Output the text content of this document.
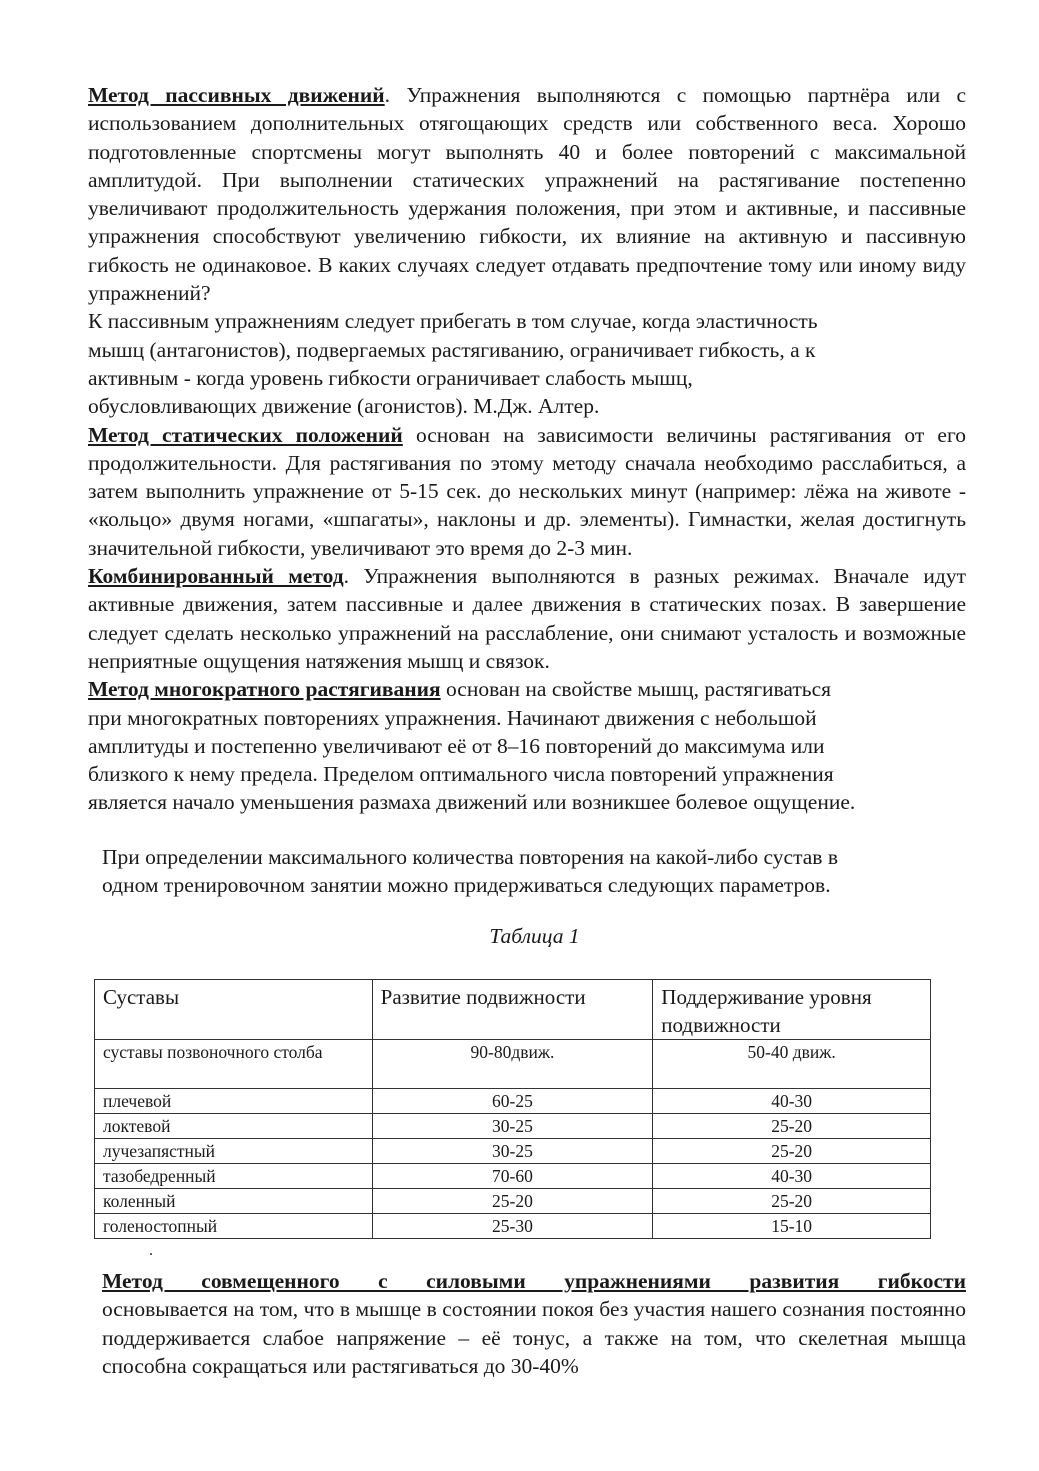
Метод пассивных движений. Упражнения выполняются с помощью партнёра или с использованием дополнительных отягощающих средств или собственного веса. Хорошо подготовленные спортсмены могут выполнять 40 и более повторений с максимальной амплитудой. При выполнении статических упражнений на растягивание постепенно увеличивают продолжительность удержания положения, при этом и активные, и пассивные упражнения способствуют увеличению гибкости, их влияние на активную и пассивную гибкость не одинаковое. В каких случаях следует отдавать предпочтение тому или иному виду упражнений?

К пассивным упражнениям следует прибегать в том случае, когда эластичность
мышц (антагонистов), подвергаемых растягиванию, ограничивает гибкость, а к
активным - когда уровень гибкости ограничивает слабость мышц,
обусловливающих движение (агонистов). М.Дж. Алтер.

Метод статических положений основан на зависимости величины растягивания от его продолжительности. Для растягивания по этому методу сначала необходимо расслабиться, а затем выполнить упражнение от 5-15 сек. до нескольких минут (например: лёжа на животе - «кольцо» двумя ногами, «шпагаты», наклоны и др. элементы). Гимнастки, желая достигнуть значительной гибкости, увеличивают это время до 2-3 мин.

Комбинированный метод. Упражнения выполняются в разных режимах. Вначале идут активные движения, затем пассивные и далее движения в статических позах. В завершение следует сделать несколько упражнений на расслабление, они снимают усталость и возможные неприятные ощущения натяжения мышц и связок.

Метод многократного растягивания основан на свойстве мышц, растягиваться
при многократных повторениях упражнения. Начинают движения с небольшой
амплитуды и постепенно увеличивают её от 8–16 повторений до максимума или
близкого к нему предела. Пределом оптимального числа повторений упражнения
является начало уменьшения размаха движений или возникшее болевое ощущение.

При определении максимального количества повторения на какой-либо сустав в
одном тренировочном занятии можно придерживаться следующих параметров.

Таблица 1
Суставы	Развитие подвижности	Поддерживание уровня подвижности
суставы позвоночного столба	90-80движ.	50-40 движ.
плечевой	60-25	40-30
локтевой	30-25	25-20
лучезапястный	30-25	25-20
тазобедренный	70-60	40-30
коленный	25-20	25-20
голеностопный	25-30	15-10
.

Метод совмещенного с силовыми упражнениями развития гибкости
основывается на том, что в мышце в состоянии покоя без участия нашего сознания постоянно поддерживается слабое напряжение – её тонус, а также на том, что скелетная мышца способна сокращаться или растягиваться до 30-40%
